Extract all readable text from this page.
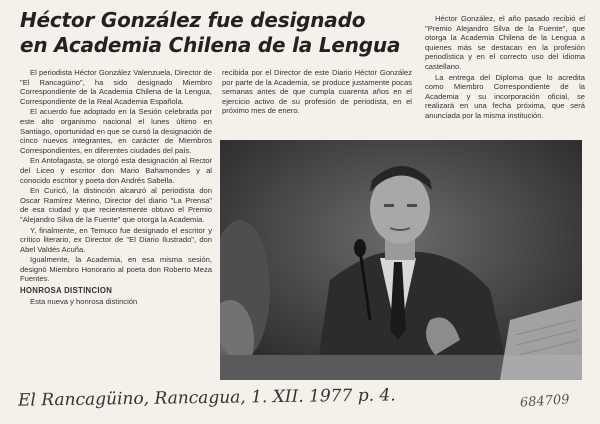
Héctor González fue designado
en Academia Chilena de la Lengua

El periodista Héctor González Valenzuela, Director de "El Rancagüino", ha sido designado Miembro Correspondiente de la Academia Chilena de la Lengua, Correspondiente de la Real Academia Española.

El acuerdo fue adoptado en la Sesión celebrada por este alto organismo nacional el lunes último en Santiago, oportunidad en que se cursó la designación de cinco nuevos integrantes, en carácter de Miembros Correspondientes, en diferentes ciudades del país.

En Antofagasta, se otorgó esta designación al Rector del Liceo y escritor don Mario Bahamondes y al conocido escritor y poeta don Andrés Sabella.

En Curicó, la distinción alcanzó al periodista don Oscar Ramírez Merino, Director del diario "La Prensa" de esa ciudad y que recientemente obtuvo el Premio "Alejandro Silva de la Fuente" que otorga la Academia.

Y, finalmente, en Temuco fue designado el escritor y crítico literario, ex Director de "El Diario Ilustrado", don Abel Valdés Acuña.

Igualmente, la Academia, en esa misma sesión, designó Miembro Honorario al poeta don Roberto Meza Fuentes.

HONROSA DISTINCION

Esta nueva y honrosa distinción

recibida por el Director de este Diario Héctor González por parte de la Academia, se produce justamente pocas semanas antes de que cumpla cuarenta años en el ejercicio activo de su profesión de periodista, en el próximo mes de enero.

Héctor González, el año pasado recibió el "Premio Alejandro Silva de la Fuente", que otorga la Academia Chilena de la Lengua a quienes más se destacan en la profesión periodística y en el correcto uso del idioma castellano.

La entrega del Diploma que lo acredita como Miembro Correspondiente de la Academia y su incorporación oficial, se realizará en una fecha próxima, que será anunciada por la misma institución.

El Rancagüino, Rancagua, 1. XII. 1977 p. 4.	684709
